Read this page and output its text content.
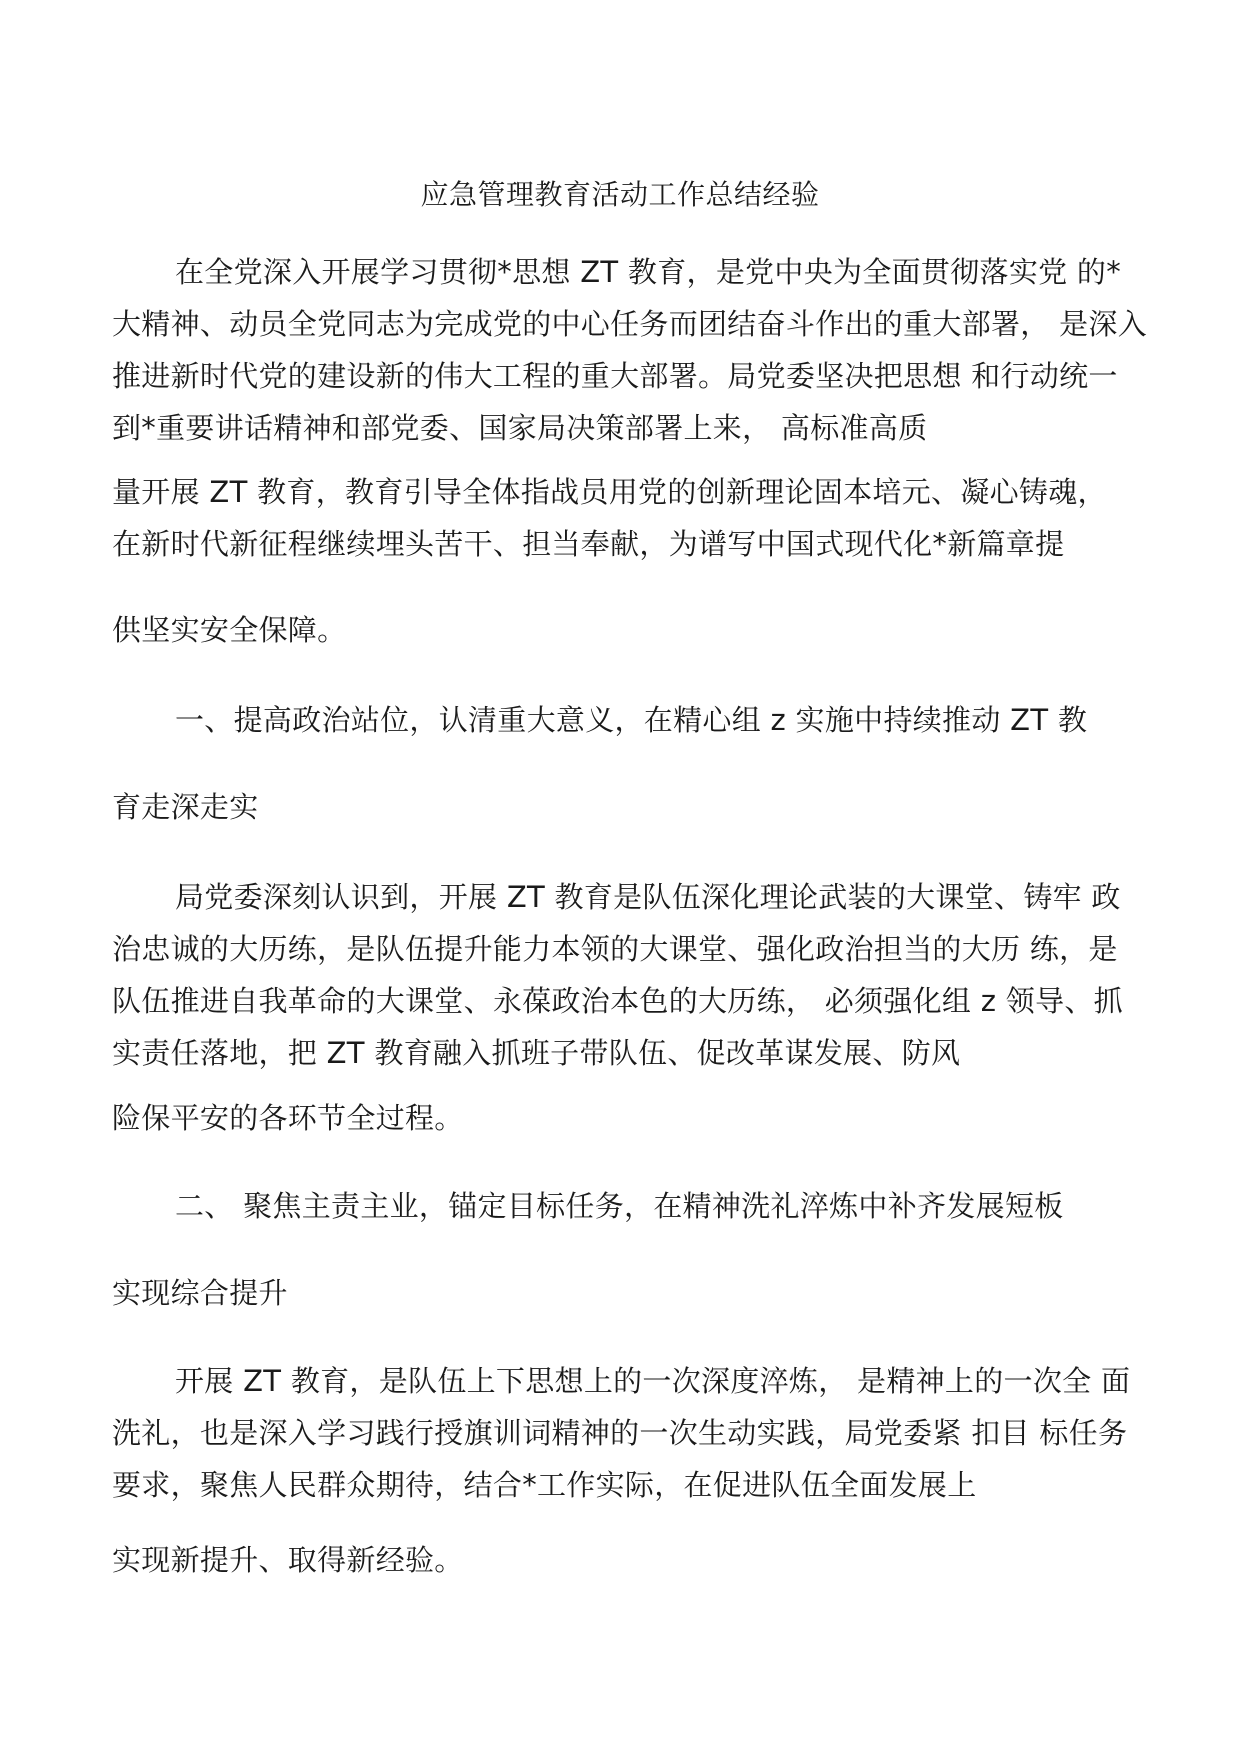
应急管理教育活动工作总结经验
在全党深入开展学习贯彻*思想 ZT 教育，是党中央为全面贯彻落实党 的*
大精神、动员全党同志为完成党的中心任务而团结奋斗作出的重大部署， 是深入
推进新时代党的建设新的伟大工程的重大部署。局党委坚决把思想 和行动统一
到*重要讲话精神和部党委、国家局决策部署上来， 高标准高质
量开展 ZT 教育，教育引导全体指战员用党的创新理论固本培元、凝心铸魂，
在新时代新征程继续埋头苦干、担当奉献，为谱写中国式现代化*新篇章提
供坚实安全保障。
一、提高政治站位，认清重大意义，在精心组 z 实施中持续推动 ZT 教
育走深走实
局党委深刻认识到，开展 ZT 教育是队伍深化理论武装的大课堂、铸牢 政
治忠诚的大历练，是队伍提升能力本领的大课堂、强化政治担当的大历 练，是
队伍推进自我革命的大课堂、永葆政治本色的大历练， 必须强化组 z 领导、抓
实责任落地，把 ZT 教育融入抓班子带队伍、促改革谋发展、防风
险保平安的各环节全过程。
二、 聚焦主责主业，锚定目标任务，在精神洗礼淬炼中补齐发展短板
实现综合提升
开展 ZT 教育，是队伍上下思想上的一次深度淬炼， 是精神上的一次全 面
洗礼，也是深入学习践行授旗训词精神的一次生动实践，局党委紧 扣目 标任务
要求，聚焦人民群众期待，结合*工作实际，在促进队伍全面发展上
实现新提升、取得新经验。
